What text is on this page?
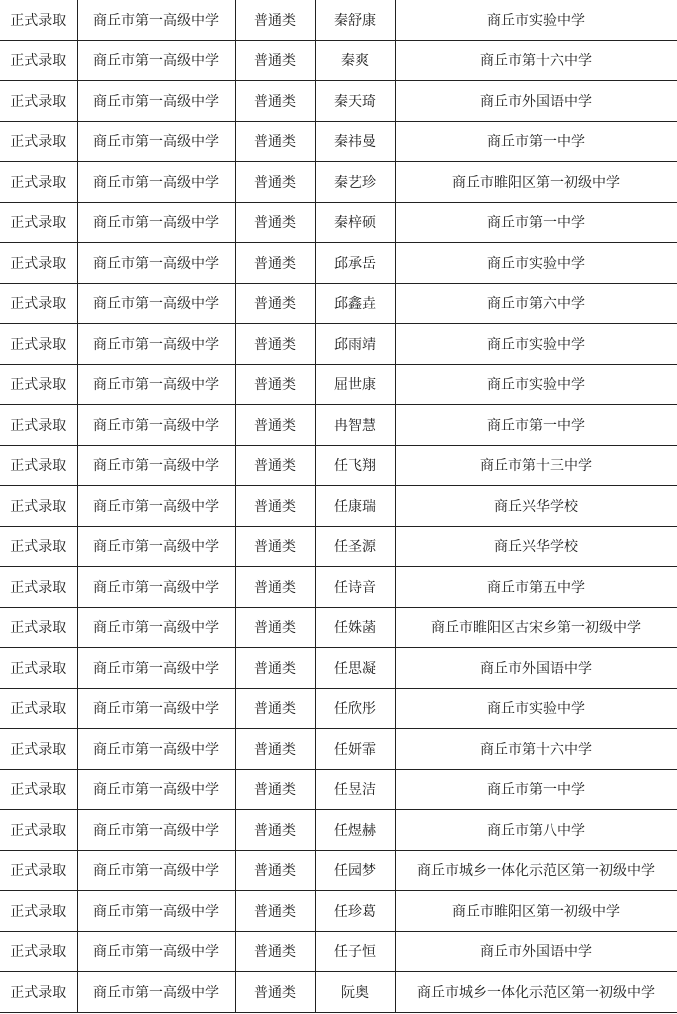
正式录取	商丘市第一高级中学	普通类	秦舒康	商丘市实验中学
正式录取	商丘市第一高级中学	普通类	秦爽	商丘市第十六中学
正式录取	商丘市第一高级中学	普通类	秦天琦	商丘市外国语中学
正式录取	商丘市第一高级中学	普通类	秦祎曼	商丘市第一中学
正式录取	商丘市第一高级中学	普通类	秦艺珍	商丘市睢阳区第一初级中学
正式录取	商丘市第一高级中学	普通类	秦梓硕	商丘市第一中学
正式录取	商丘市第一高级中学	普通类	邱承岳	商丘市实验中学
正式录取	商丘市第一高级中学	普通类	邱鑫垚	商丘市第六中学
正式录取	商丘市第一高级中学	普通类	邱雨靖	商丘市实验中学
正式录取	商丘市第一高级中学	普通类	屈世康	商丘市实验中学
正式录取	商丘市第一高级中学	普通类	冉智慧	商丘市第一中学
正式录取	商丘市第一高级中学	普通类	任飞翔	商丘市第十三中学
正式录取	商丘市第一高级中学	普通类	任康瑞	商丘兴华学校
正式录取	商丘市第一高级中学	普通类	任圣源	商丘兴华学校
正式录取	商丘市第一高级中学	普通类	任诗音	商丘市第五中学
正式录取	商丘市第一高级中学	普通类	任姝菡	商丘市睢阳区古宋乡第一初级中学
正式录取	商丘市第一高级中学	普通类	任思凝	商丘市外国语中学
正式录取	商丘市第一高级中学	普通类	任欣彤	商丘市实验中学
正式录取	商丘市第一高级中学	普通类	任妍霏	商丘市第十六中学
正式录取	商丘市第一高级中学	普通类	任昱洁	商丘市第一中学
正式录取	商丘市第一高级中学	普通类	任煜赫	商丘市第八中学
正式录取	商丘市第一高级中学	普通类	任园梦	商丘市城乡一体化示范区第一初级中学
正式录取	商丘市第一高级中学	普通类	任珍葛	商丘市睢阳区第一初级中学
正式录取	商丘市第一高级中学	普通类	任子恒	商丘市外国语中学
正式录取	商丘市第一高级中学	普通类	阮奥	商丘市城乡一体化示范区第一初级中学
